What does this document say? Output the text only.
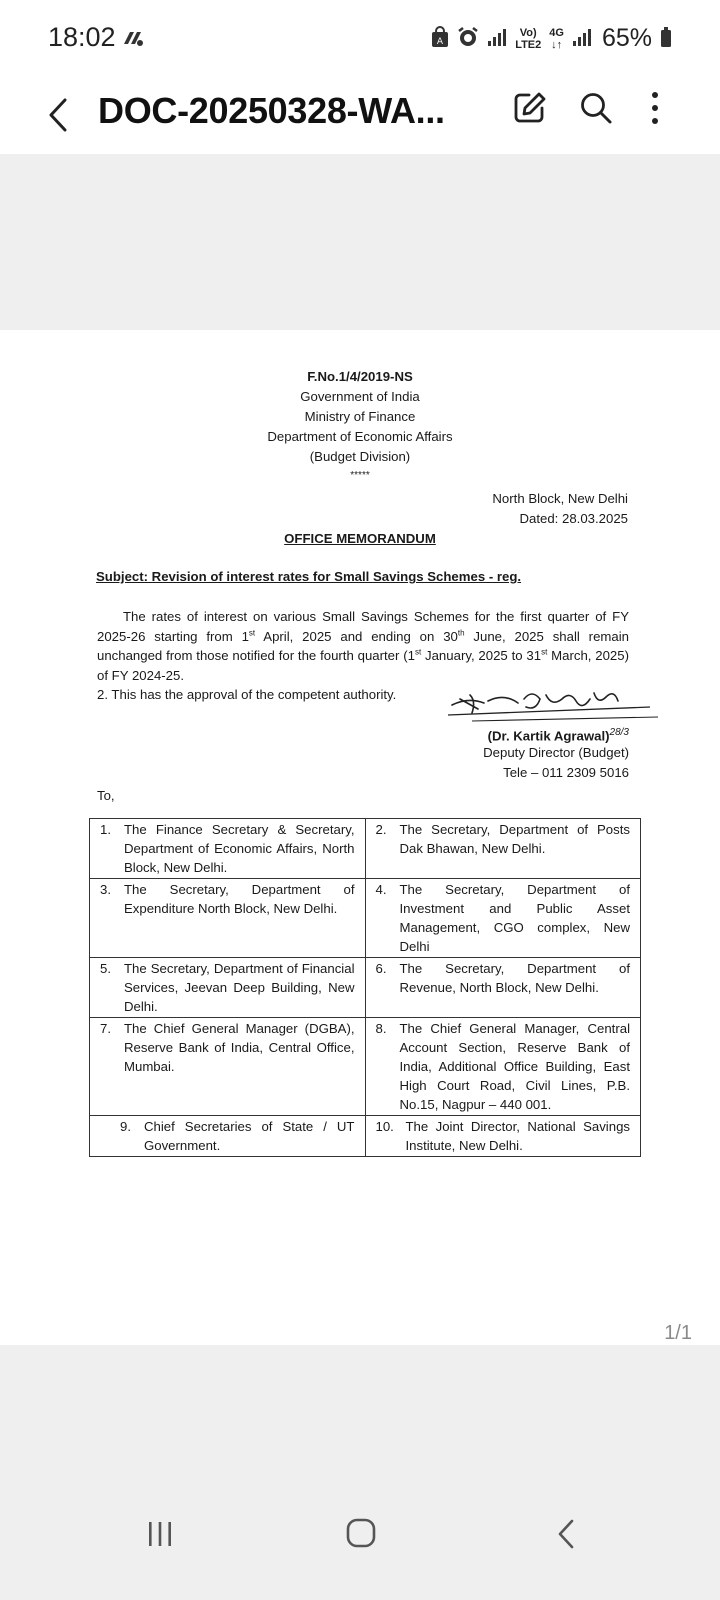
18:02	A
Vo)
LTE2
4G
↓↑ 65%
DOC-20250328-WA...
F.No.1/4/2019-NS
Government of India
Ministry of Finance
Department of Economic Affairs
(Budget Division)
*****
North Block, New Delhi
Dated: 28.03.2025
OFFICE MEMORANDUM
Subject: Revision of interest rates for Small Savings Schemes - reg.
The rates of interest on various Small Savings Schemes for the first quarter of FY 2025-26 starting from 1st April, 2025 and ending on 30th June, 2025 shall remain unchanged from those notified for the fourth quarter (1st January, 2025 to 31st March, 2025) of FY 2024-25.
2. This has the approval of the competent authority.
(Dr. Kartik Agrawal)$^{28/3}$
Deputy Director (Budget)
Tele – 011 2309 5016
To,
1. The Finance Secretary & Secretary, Department of Economic Affairs, North Block, New Delhi.	2. The Secretary, Department of Posts Dak Bhawan, New Delhi.

3. The Secretary, Department of Expenditure North Block, New Delhi.	4. The Secretary, Department of Investment and Public Asset Management, CGO complex, New Delhi

5. The Secretary, Department of Financial Services, Jeevan Deep Building, New Delhi.	6. The Secretary, Department of Revenue, North Block, New Delhi.

7. The Chief General Manager (DGBA), Reserve Bank of India, Central Office, Mumbai.	8. The Chief General Manager, Central Account Section, Reserve Bank of India, Additional Office Building, East High Court Road, Civil Lines, P.B. No.15, Nagpur – 440 001.

9. Chief Secretaries of State / UT Government.	10. The Joint Director, National Savings Institute, New Delhi.
1/1
